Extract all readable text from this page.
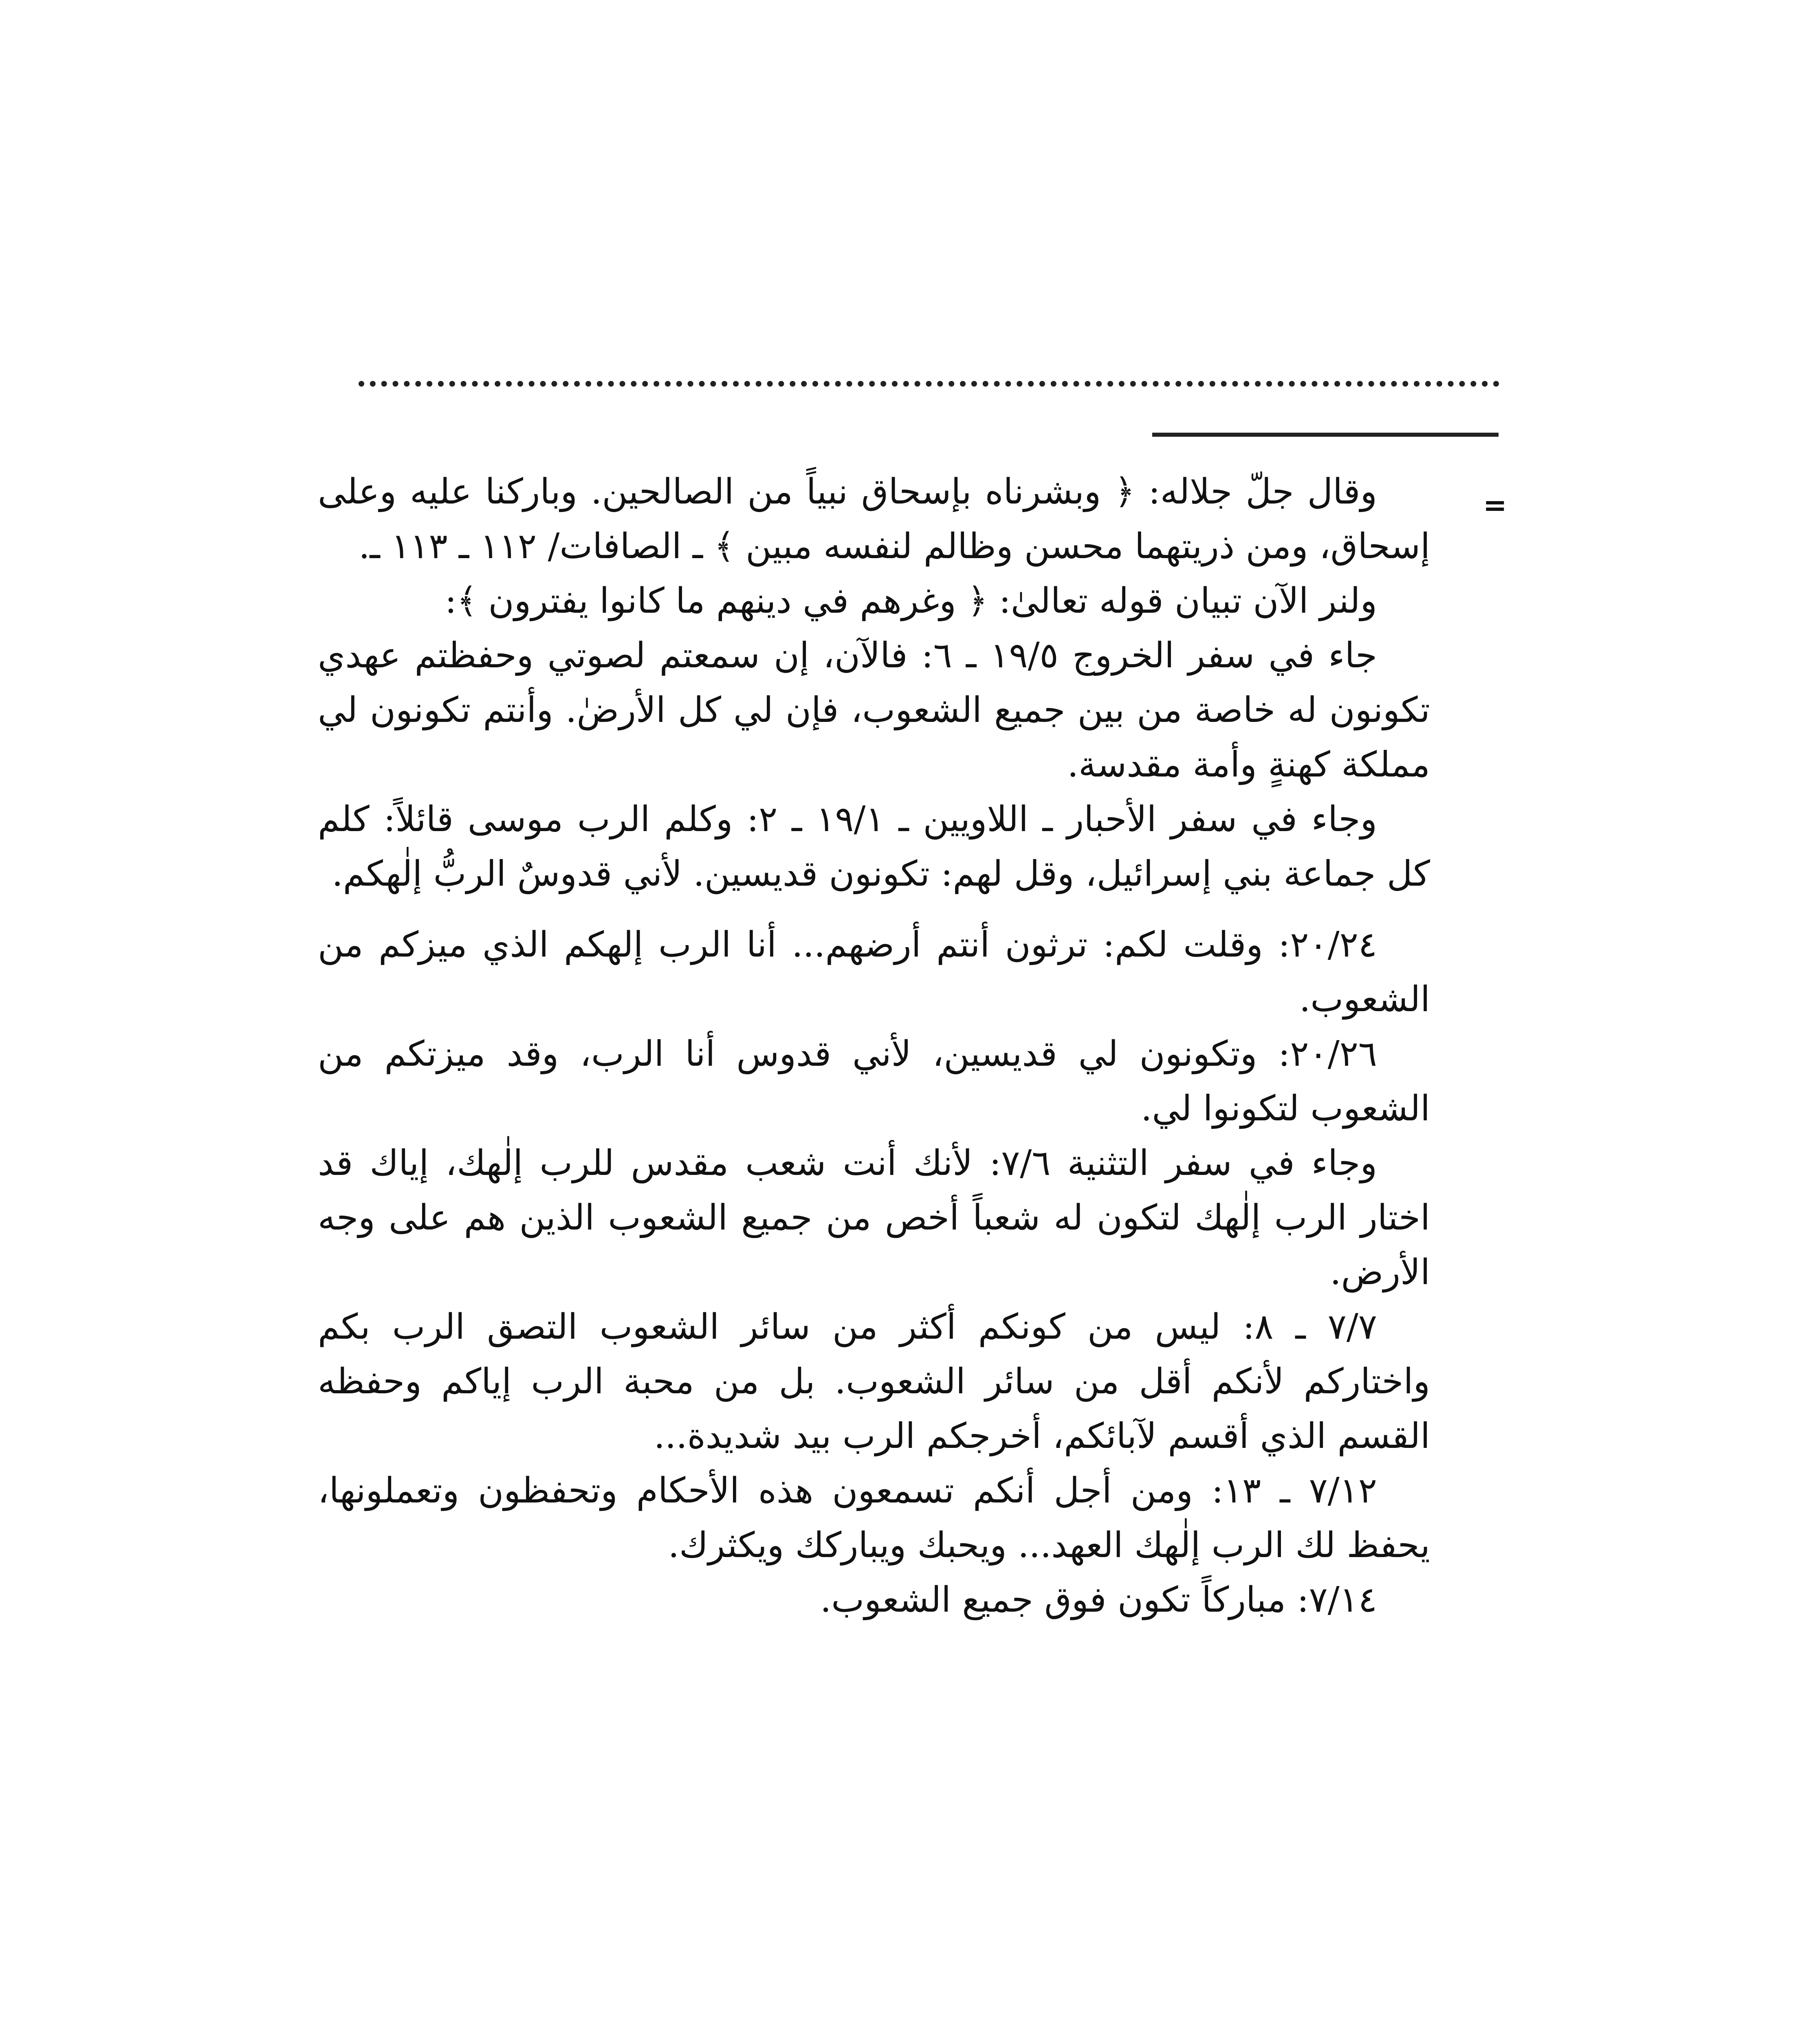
=

وقال جلّ جلاله: ﴿ وبشرناه بإسحاق نبياً من الصالحين. وباركنا عليه وعلى إسحاق، ومن ذريتهما محسن وظالم لنفسه مبين ﴾ ـ الصافات/ ١١٢ ـ ١١٣ ـ.

ولنر الآن تبيان قوله تعالىٰ: ﴿ وغرهم في دينهم ما كانوا يفترون ﴾:

جاء في سفر الخروج ١٩/٥ ـ ٦: فالآن، إن سمعتم لصوتي وحفظتم عهدي تكونون له خاصة من بين جميع الشعوب، فإن لي كل الأرضٰ. وأنتم تكونون لي مملكة كهنةٍ وأمة مقدسة.

وجاء في سفر الأحبار ـ اللاويين ـ ١٩/١ ـ ٢: وكلم الرب موسى قائلاً: كلم كل جماعة بني إسرائيل، وقل لهم: تكونون قديسين. لأني قدوسٌ الربُّ إلٰهكم.

٢٠/٢٤: وقلت لكم: ترثون أنتم أرضهم... أنا الرب إلهكم الذي ميزكم من الشعوب.

٢٠/٢٦: وتكونون لي قديسين، لأني قدوس أنا الرب، وقد ميزتكم من الشعوب لتكونوا لي.

وجاء في سفر التثنية ٧/٦: لأنك أنت شعب مقدس للرب إلٰهك، إياك قد اختار الرب إلٰهك لتكون له شعباً أخص من جميع الشعوب الذين هم على وجه الأرض.

٧/٧ ـ ٨: ليس من كونكم أكثر من سائر الشعوب التصق الرب بكم واختاركم لأنكم أقل من سائر الشعوب. بل من محبة الرب إياكم وحفظه القسم الذي أقسم لآبائكم، أخرجكم الرب بيد شديدة...

٧/١٢ ـ ١٣: ومن أجل أنكم تسمعون هذه الأحكام وتحفظون وتعملونها، يحفظ لك الرب إلٰهك العهد... ويحبك ويباركك ويكثرك.

٧/١٤: مباركاً تكون فوق جميع الشعوب.
